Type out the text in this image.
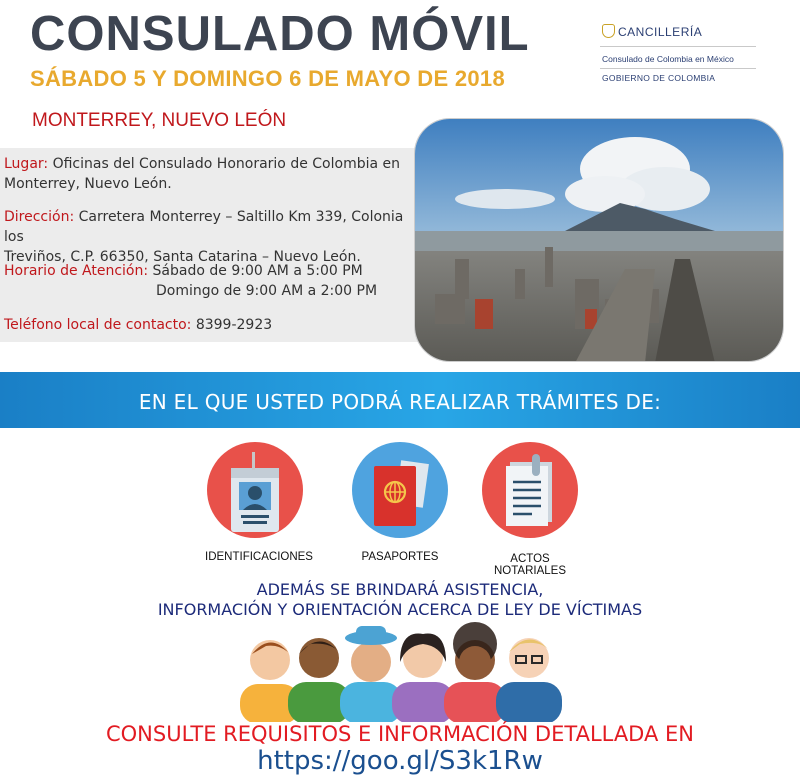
CONSULADO MÓVIL
SÁBADO 5 Y DOMINGO 6 DE MAYO DE 2018
CANCILLERÍA
Consulado de Colombia en México
GOBIERNO DE COLOMBIA
MONTERREY, NUEVO LEÓN
Lugar: Oficinas del Consulado Honorario de Colombia en
Monterrey, Nuevo León.
Dirección: Carretera Monterrey – Saltillo Km 339, Colonia los
Treviños, C.P. 66350, Santa Catarina – Nuevo León.
Horario de Atención: Sábado de 9:00 AM a 5:00 PM
Domingo de 9:00 AM a 2:00 PM
Teléfono local de contacto: 8399-2923
EN EL QUE USTED PODRÁ REALIZAR TRÁMITES DE:
IDENTIFICACIONES	PASAPORTES	ACTOS
NOTARIALES
ADEMÁS SE BRINDARÁ ASISTENCIA,
INFORMACIÓN Y ORIENTACIÓN ACERCA DE LEY DE VÍCTIMAS
CONSULTE REQUISITOS E INFORMACIÓN DETALLADA EN
https://goo.gl/S3k1Rw
